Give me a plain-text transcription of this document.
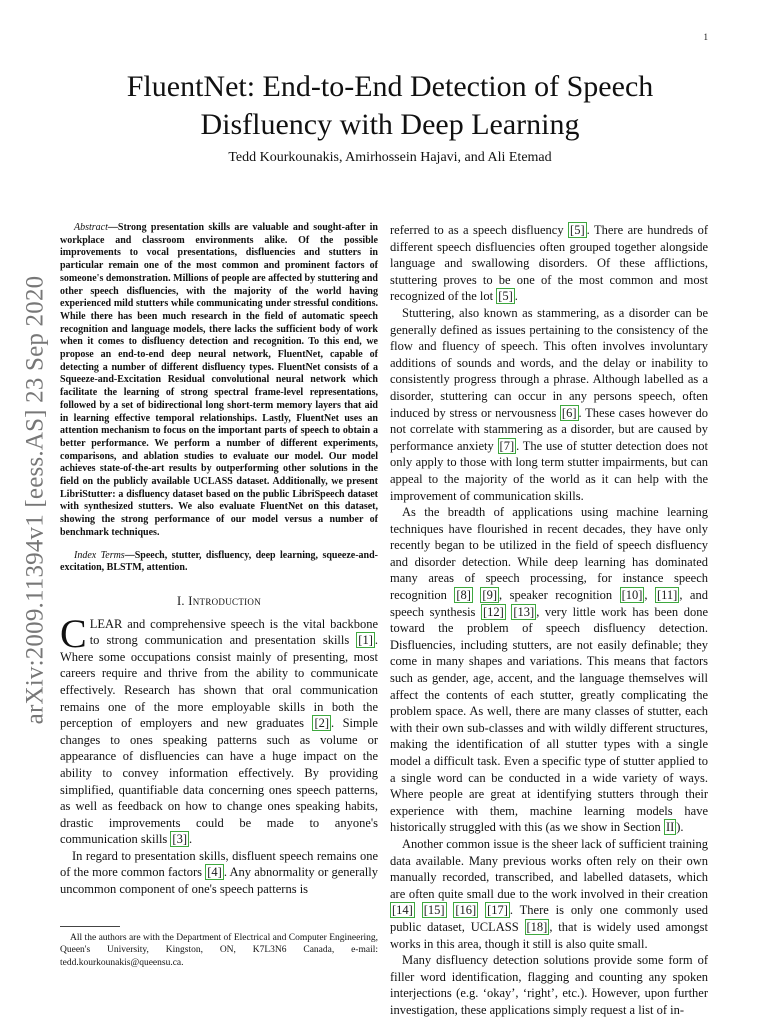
1
arXiv:2009.11394v1 [eess.AS] 23 Sep 2020
FluentNet: End-to-End Detection of Speech Disfluency with Deep Learning
Tedd Kourkounakis, Amirhossein Hajavi, and Ali Etemad

Abstract—Strong presentation skills are valuable and sought-after in workplace and classroom environments alike. Of the possible improvements to vocal presentations, disfluencies and stutters in particular remain one of the most common and prominent factors of someone's demonstration. Millions of people are affected by stuttering and other speech disfluencies, with the majority of the world having experienced mild stutters while communicating under stressful conditions. While there has been much research in the field of automatic speech recognition and language models, there lacks the sufficient body of work when it comes to disfluency detection and recognition. To this end, we propose an end-to-end deep neural network, FluentNet, capable of detecting a number of different disfluency types. FluentNet consists of a Squeeze-and-Excitation Residual convolutional neural network which facilitate the learning of strong spectral frame-level representations, followed by a set of bidirectional long short-term memory layers that aid in learning effective temporal relationships. Lastly, FluentNet uses an attention mechanism to focus on the important parts of speech to obtain a better performance. We perform a number of different experiments, comparisons, and ablation studies to evaluate our model. Our model achieves state-of-the-art results by outperforming other solutions in the field on the publicly available UCLASS dataset. Additionally, we present LibriStutter: a disfluency dataset based on the public LibriSpeech dataset with synthesized stutters. We also evaluate FluentNet on this dataset, showing the strong performance of our model versus a number of benchmark techniques.

Index Terms—Speech, stutter, disfluency, deep learning, squeeze-and-excitation, BLSTM, attention.

I. Introduction

CLEAR and comprehensive speech is the vital backbone to strong communication and presentation skills [1] . Where some occupations consist mainly of presenting, most careers require and thrive from the ability to communicate effectively. Research has shown that oral communication remains one of the more employable skills in both the perception of employers and new graduates [2] . Simple changes to ones speaking patterns such as volume or appearance of disfluencies can have a huge impact on the ability to convey information effectively. By providing simplified, quantifiable data concerning ones speech patterns, as well as feedback on how to change ones speaking habits, drastic improvements could be made to anyone's communication skills [3] .

In regard to presentation skills, disfluent speech remains one of the more common factors [4] . Any abnormality or generally uncommon component of one's speech patterns is

All the authors are with the Department of Electrical and Computer Engineering, Queen's University, Kingston, ON, K7L3N6 Canada, e-mail: tedd.kourkounakis@queensu.ca.

referred to as a speech disfluency [5] . There are hundreds of different speech disfluencies often grouped together alongside language and swallowing disorders. Of these afflictions, stuttering proves to be one of the most common and most recognized of the lot [5] .

Stuttering, also known as stammering, as a disorder can be generally defined as issues pertaining to the consistency of the flow and fluency of speech. This often involves involuntary additions of sounds and words, and the delay or inability to consistently progress through a phrase. Although labelled as a disorder, stuttering can occur in any persons speech, often induced by stress or nervousness [6] . These cases however do not correlate with stammering as a disorder, but are caused by performance anxiety [7] . The use of stutter detection does not only apply to those with long term stutter impairments, but can appeal to the majority of the world as it can help with the improvement of communication skills.

As the breadth of applications using machine learning techniques have flourished in recent decades, they have only recently began to be utilized in the field of speech disfluency and disorder detection. While deep learning has dominated many areas of speech processing, for instance speech recognition [8] [9] , speaker recognition [10] , [11] , and speech synthesis [12] [13] , very little work has been done toward the problem of speech disfluency detection. Disfluencies, including stutters, are not easily definable; they come in many shapes and variations. This means that factors such as gender, age, accent, and the language themselves will affect the contents of each stutter, greatly complicating the problem space. As well, there are many classes of stutter, each with their own sub-classes and with wildly different structures, making the identification of all stutter types with a single model a difficult task. Even a specific type of stutter applied to a single word can be conducted in a wide variety of ways. Where people are great at identifying stutters through their experience with them, machine learning models have historically struggled with this (as we show in Section II ).

Another common issue is the sheer lack of sufficient training data available. Many previous works often rely on their own manually recorded, transcribed, and labelled datasets, which are often quite small due to the work involved in their creation [14] [15] [16] [17] . There is only one commonly used public dataset, UCLASS [18] , that is widely used amongst works in this area, though it still is also quite small.

Many disfluency detection solutions provide some form of filler word identification, flagging and counting any spoken interjections (e.g. ‘okay’, ‘right’, etc.). However, upon further investigation, these applications simply request a list of in-
